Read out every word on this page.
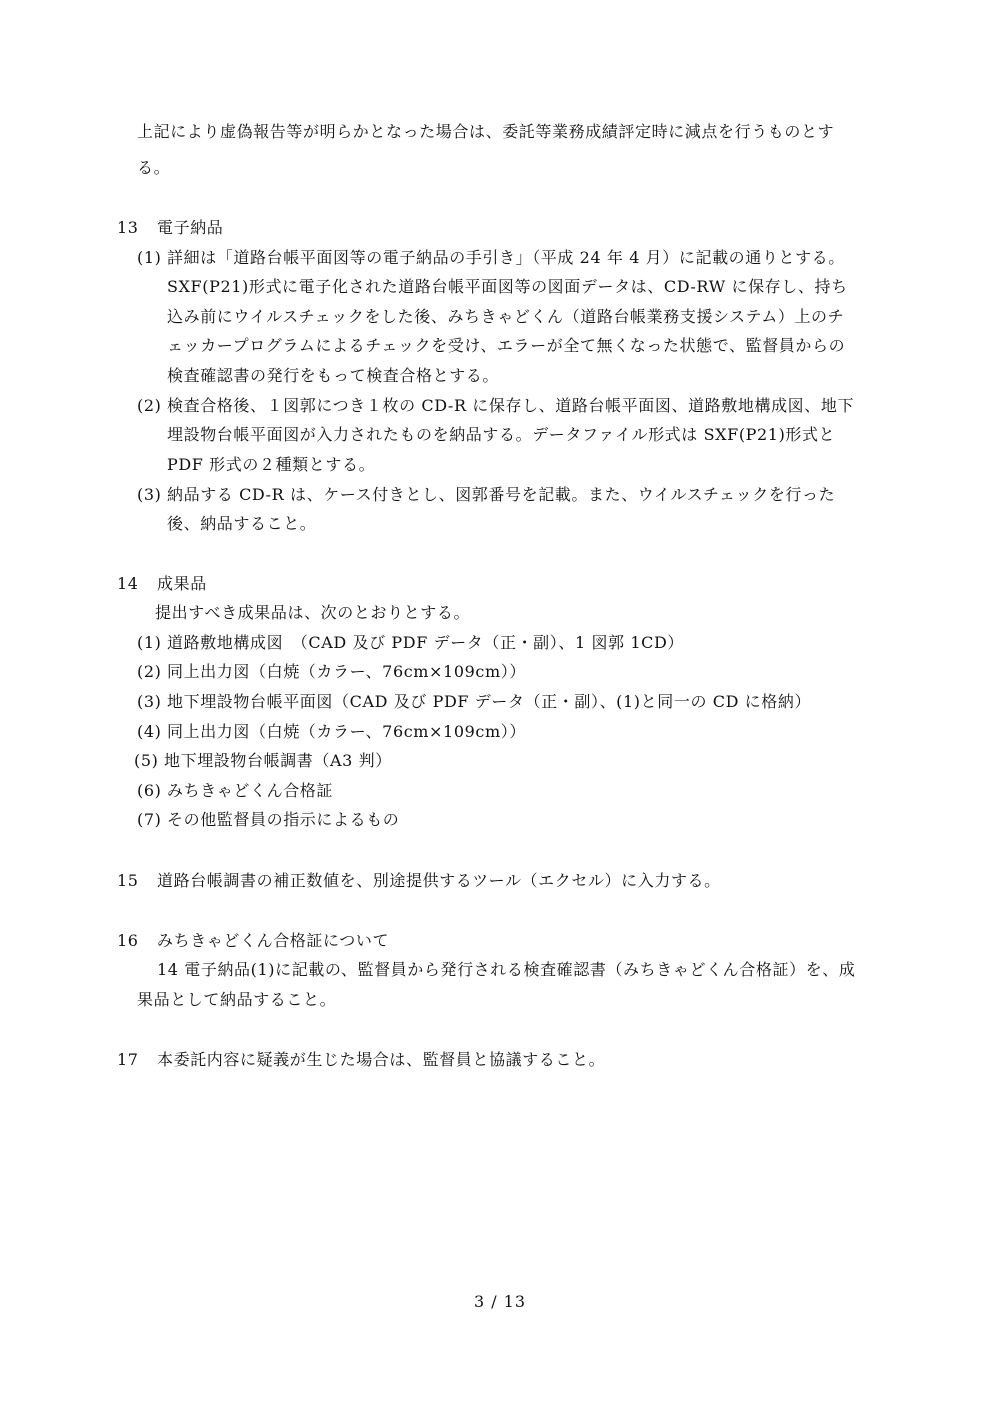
上記により虚偽報告等が明らかとなった場合は、委託等業務成績評定時に減点を行うものとす
る。
13 電子納品
(1) 詳細は「道路台帳平面図等の電子納品の手引き」（平成 24 年 4 月）に記載の通りとする。
SXF(P21)形式に電子化された道路台帳平面図等の図面データは、CD-RW に保存し、持ち
込み前にウイルスチェックをした後、みちきゃどくん（道路台帳業務支援システム）上のチ
ェッカープログラムによるチェックを受け、エラーが全て無くなった状態で、監督員からの
検査確認書の発行をもって検査合格とする。
(2) 検査合格後、１図郭につき１枚の CD-R に保存し、道路台帳平面図、道路敷地構成図、地下
埋設物台帳平面図が入力されたものを納品する。データファイル形式は SXF(P21)形式と
PDF 形式の２種類とする。
(3) 納品する CD-R は、ケース付きとし、図郭番号を記載。また、ウイルスチェックを行った
後、納品すること。
14 成果品
提出すべき成果品は、次のとおりとする。
(1) 道路敷地構成図　（CAD 及び PDF データ（正・副）、1 図郭 1CD）
(2) 同上出力図（白焼（カラー、76cm×109cm））
(3) 地下埋設物台帳平面図（CAD 及び PDF データ（正・副）、(1)と同一の CD に格納）
(4) 同上出力図（白焼（カラー、76cm×109cm））
(5) 地下埋設物台帳調書（A3 判）
(6) みちきゃどくん合格証
(7) その他監督員の指示によるもの
15 道路台帳調書の補正数値を、別途提供するツール（エクセル）に入力する。
16 みちきゃどくん合格証について
14 電子納品(1)に記載の、監督員から発行される検査確認書（みちきゃどくん合格証）を、成
果品として納品すること。
17 本委託内容に疑義が生じた場合は、監督員と協議すること。
3 / 13
